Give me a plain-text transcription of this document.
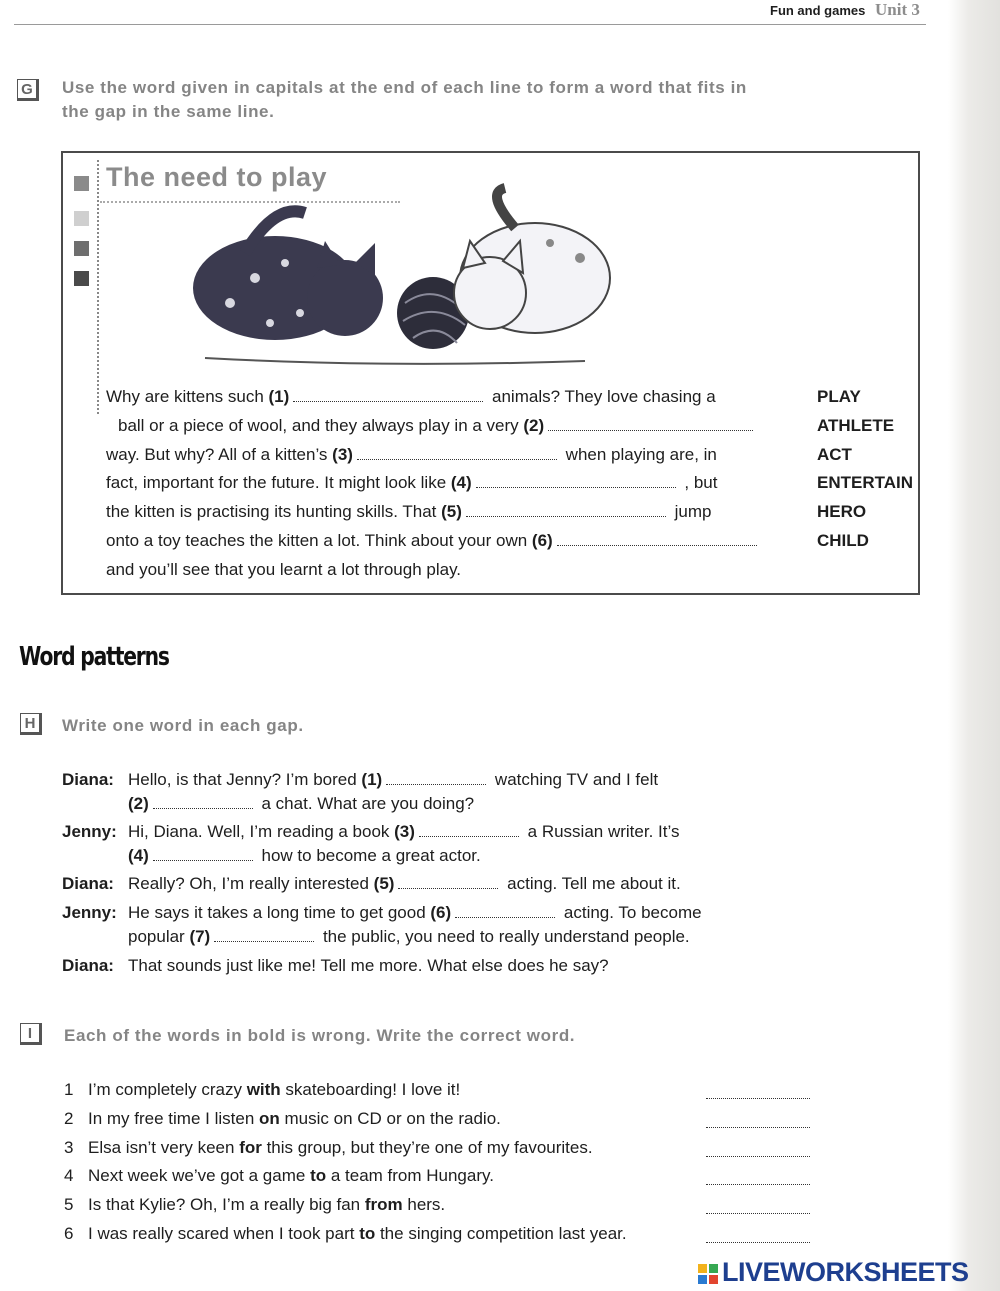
Fun and games Unit 3
G	Use the word given in capitals at the end of each line to form a word that fits in
the gap in the same line.
The need to play
Why are kittens such (1)	animals? They love chasing a
ball or a piece of wool, and they always play in a very (2)
way. But why? All of a kitten’s (3)	when playing are, in
fact, important for the future. It might look like (4)	, but
the kitten is practising its hunting skills. That (5)	jump
onto a toy teaches the kitten a lot. Think about your own (6)
and you’ll see that you learnt a lot through play.
PLAY
ATHLETE
ACT
ENTERTAIN
HERO
CHILD
Word patterns
H	Write one word in each gap.
Diana: Hello, is that Jenny? I’m bored (1)	watching TV and I felt
(2)	a chat. What are you doing?
Jenny: Hi, Diana. Well, I’m reading a book (3)	a Russian writer. It’s
(4)	how to become a great actor.
Diana: Really? Oh, I’m really interested (5)	acting. Tell me about it.
Jenny: He says it takes a long time to get good (6)	acting. To become
popular (7)	the public, you need to really understand people.
Diana: That sounds just like me! Tell me more. What else does he say?
I	Each of the words in bold is wrong. Write the correct word.
1 I’m completely crazy with skateboarding! I love it!
2 In my free time I listen on music on CD or on the radio.
3 Elsa isn’t very keen for this group, but they’re one of my favourites.
4 Next week we’ve got a game to a team from Hungary.
5 Is that Kylie? Oh, I’m a really big fan from hers.
6 I was really scared when I took part to the singing competition last year.
LIVEWORKSHEETS
